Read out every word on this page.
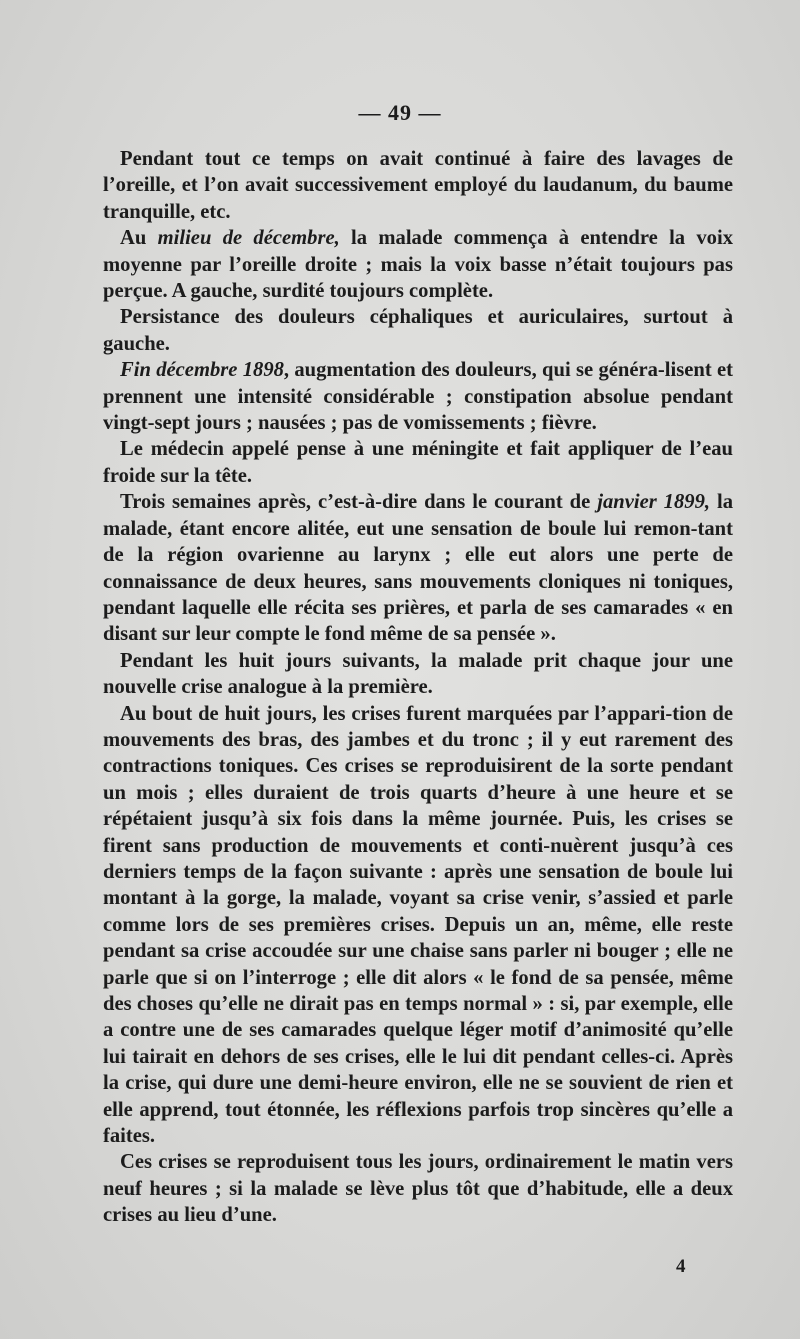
— 49 —

Pendant tout ce temps on avait continué à faire des lavages de l’oreille, et l’on avait successivement employé du laudanum, du baume tranquille, etc.

Au milieu de décembre, la malade commença à entendre la voix moyenne par l’oreille droite ; mais la voix basse n’était toujours pas perçue. A gauche, surdité toujours complète.

Persistance des douleurs céphaliques et auriculaires, surtout à gauche.

Fin décembre 1898, augmentation des douleurs, qui se généra-lisent et prennent une intensité considérable ; constipation absolue pendant vingt-sept jours ; nausées ; pas de vomissements ; fièvre.

Le médecin appelé pense à une méningite et fait appliquer de l’eau froide sur la tête.

Trois semaines après, c’est-à-dire dans le courant de janvier 1899, la malade, étant encore alitée, eut une sensation de boule lui remon-tant de la région ovarienne au larynx ; elle eut alors une perte de connaissance de deux heures, sans mouvements cloniques ni toniques, pendant laquelle elle récita ses prières, et parla de ses camarades « en disant sur leur compte le fond même de sa pensée ».

Pendant les huit jours suivants, la malade prit chaque jour une nouvelle crise analogue à la première.

Au bout de huit jours, les crises furent marquées par l’appari-tion de mouvements des bras, des jambes et du tronc ; il y eut rarement des contractions toniques. Ces crises se reproduisirent de la sorte pendant un mois ; elles duraient de trois quarts d’heure à une heure et se répétaient jusqu’à six fois dans la même journée. Puis, les crises se firent sans production de mouvements et conti-nuèrent jusqu’à ces derniers temps de la façon suivante : après une sensation de boule lui montant à la gorge, la malade, voyant sa crise venir, s’assied et parle comme lors de ses premières crises. Depuis un an, même, elle reste pendant sa crise accoudée sur une chaise sans parler ni bouger ; elle ne parle que si on l’interroge ; elle dit alors « le fond de sa pensée, même des choses qu’elle ne dirait pas en temps normal » : si, par exemple, elle a contre une de ses camarades quelque léger motif d’animosité qu’elle lui tairait en dehors de ses crises, elle le lui dit pendant celles-ci. Après la crise, qui dure une demi-heure environ, elle ne se souvient de rien et elle apprend, tout étonnée, les réflexions parfois trop sincères qu’elle a faites.

Ces crises se reproduisent tous les jours, ordinairement le matin vers neuf heures ; si la malade se lève plus tôt que d’habitude, elle a deux crises au lieu d’une.

4
